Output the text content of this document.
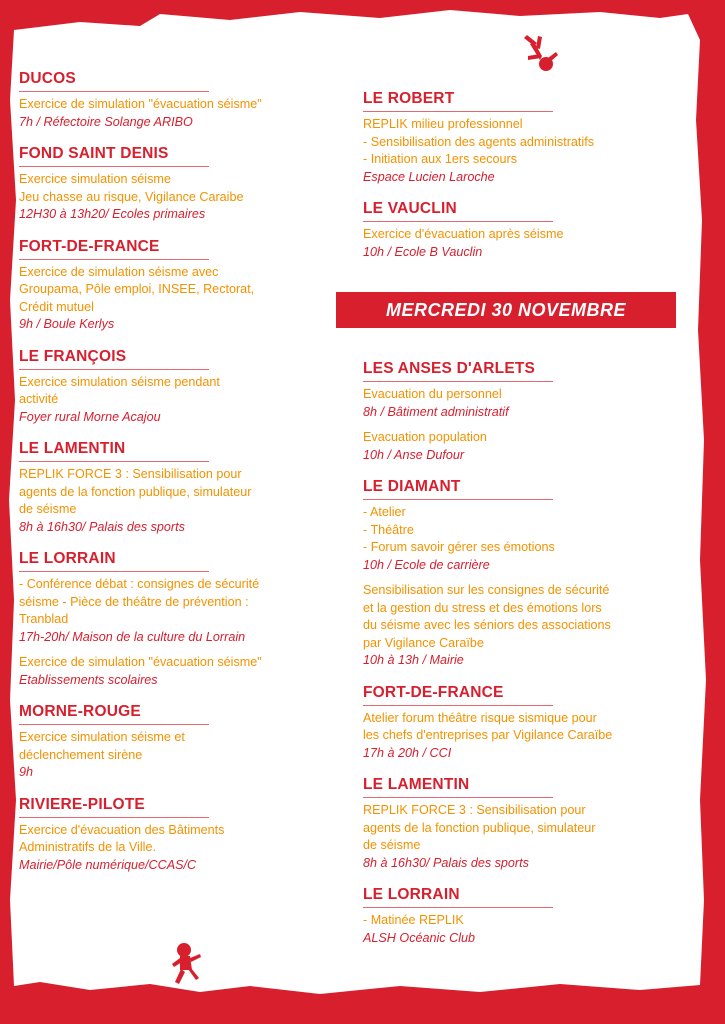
DUCOS
Exercice de simulation "évacuation séisme"
7h / Réfectoire Solange ARIBO
FOND SAINT DENIS
Exercice simulation séisme
Jeu chasse au risque, Vigilance Caraibe
12H30 à 13h20/ Ecoles primaires
FORT-DE-FRANCE
Exercice de simulation séisme avec
Groupama, Pôle emploi, INSEE, Rectorat,
Crédit mutuel
9h / Boule Kerlys
LE FRANÇOIS
Exercice simulation séisme pendant
activité
Foyer rural Morne Acajou
LE LAMENTIN
REPLIK FORCE 3 : Sensibilisation pour
agents de la fonction publique, simulateur
de séisme
8h à 16h30/ Palais des sports
LE LORRAIN
- Conférence débat : consignes de sécurité
séisme - Pièce de théâtre de prévention :
Tranblad
17h-20h/ Maison de la culture du Lorrain
Exercice de simulation "évacuation séisme"
Etablissements scolaires
MORNE-ROUGE
Exercice simulation séisme et
déclenchement sirène
9h
RIVIERE-PILOTE
Exercice d'évacuation des Bâtiments
Administratifs de la Ville.
Mairie/Pôle numérique/CCAS/C
LE ROBERT
REPLIK milieu professionnel
- Sensibilisation des agents administratifs
- Initiation aux 1ers secours
Espace Lucien Laroche
LE VAUCLIN
Exercice d'évacuation après séisme
10h / Ecole B Vauclin
MERCREDI 30 NOVEMBRE
LES ANSES D'ARLETS
Evacuation du personnel
8h / Bâtiment administratif
Evacuation population
10h / Anse Dufour
LE DIAMANT
- Atelier
- Théâtre
- Forum savoir gérer ses émotions
10h / Ecole de carrière
Sensibilisation sur les consignes de sécurité
et la gestion du stress et des émotions lors
du séisme avec les séniors des associations
par Vigilance Caraïbe
10h à 13h / Mairie
FORT-DE-FRANCE
Atelier forum théâtre risque sismique pour
les chefs d'entreprises par Vigilance Caraïbe
17h à 20h / CCI
LE LAMENTIN
REPLIK FORCE 3 : Sensibilisation pour
agents de la fonction publique, simulateur
de séisme
8h à 16h30/ Palais des sports
LE LORRAIN
- Matinée REPLIK
ALSH Océanic Club
